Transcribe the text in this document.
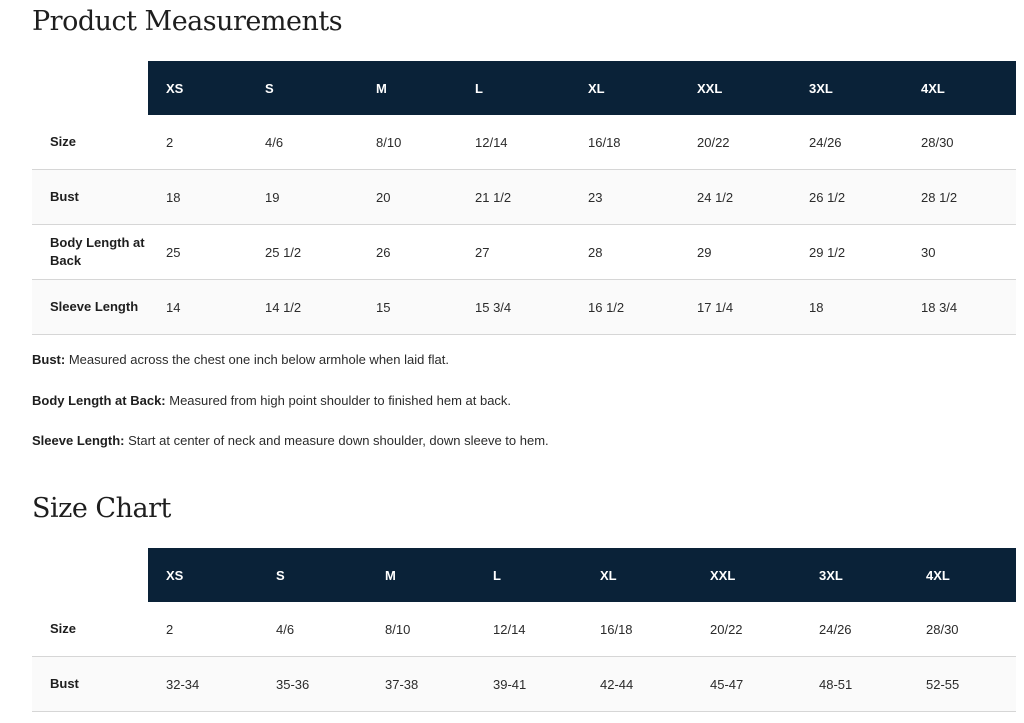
Product Measurements
	XS	S	M	L	XL	XXL	3XL	4XL
Size	2	4/6	8/10	12/14	16/18	20/22	24/26	28/30
Bust	18	19	20	21 1/2	23	24 1/2	26 1/2	28 1/2
Body Length at Back	25	25 1/2	26	27	28	29	29 1/2	30
Sleeve Length	14	14 1/2	15	15 3/4	16 1/2	17 1/4	18	18 3/4
Bust: Measured across the chest one inch below armhole when laid flat.
Body Length at Back: Measured from high point shoulder to finished hem at back.
Sleeve Length: Start at center of neck and measure down shoulder, down sleeve to hem.
Size Chart
	XS	S	M	L	XL	XXL	3XL	4XL
Size	2	4/6	8/10	12/14	16/18	20/22	24/26	28/30
Bust	32-34	35-36	37-38	39-41	42-44	45-47	48-51	52-55
